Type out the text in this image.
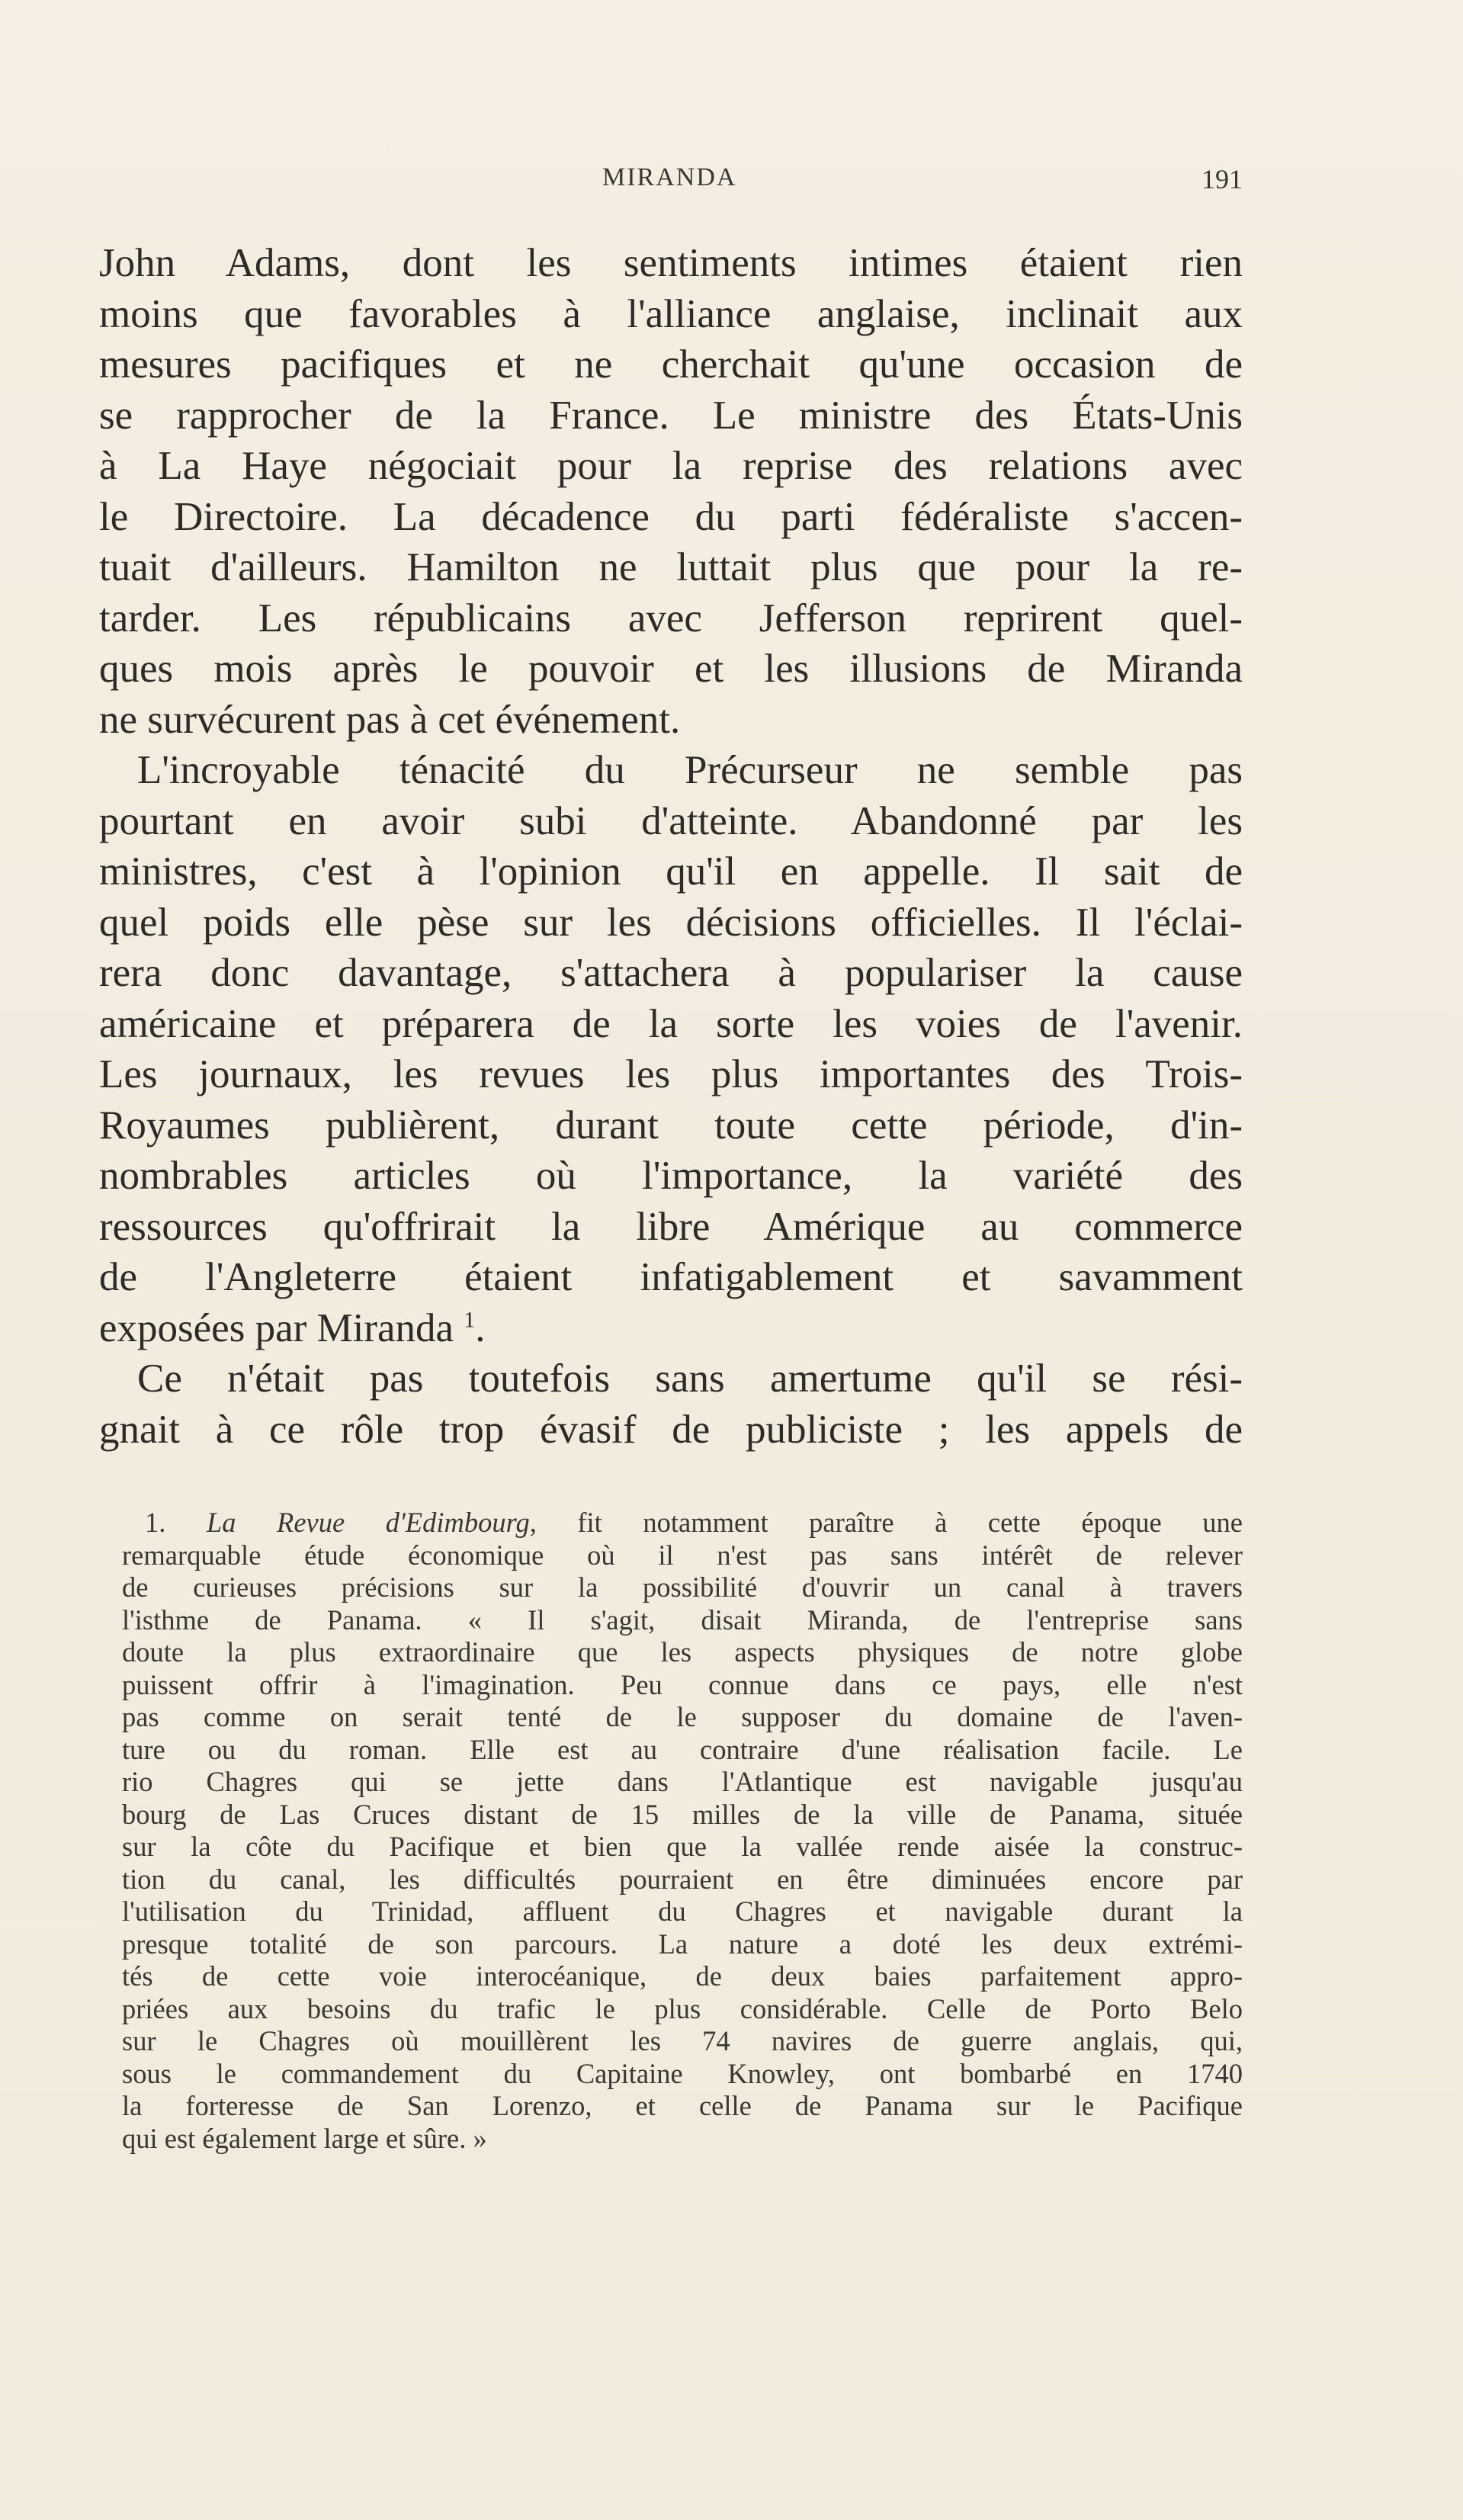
MIRANDA	191
John Adams, dont les sentiments intimes étaient rien
moins que favorables à l'alliance anglaise, inclinait aux
mesures pacifiques et ne cherchait qu'une occasion de
se rapprocher de la France. Le ministre des États-Unis
à La Haye négociait pour la reprise des relations avec
le Directoire. La décadence du parti fédéraliste s'accen-
tuait d'ailleurs. Hamilton ne luttait plus que pour la re-
tarder. Les républicains avec Jefferson reprirent quel-
ques mois après le pouvoir et les illusions de Miranda
ne survécurent pas à cet événement.
L'incroyable ténacité du Précurseur ne semble pas
pourtant en avoir subi d'atteinte. Abandonné par les
ministres, c'est à l'opinion qu'il en appelle. Il sait de
quel poids elle pèse sur les décisions officielles. Il l'éclai-
rera donc davantage, s'attachera à populariser la cause
américaine et préparera de la sorte les voies de l'avenir.
Les journaux, les revues les plus importantes des Trois-
Royaumes publièrent, durant toute cette période, d'in-
nombrables articles où l'importance, la variété des
ressources qu'offrirait la libre Amérique au commerce
de l'Angleterre étaient infatigablement et savamment
exposées par Miranda $^1$.
Ce n'était pas toutefois sans amertume qu'il se rési-
gnait à ce rôle trop évasif de publiciste ; les appels de
1. La Revue d'Edimbourg, fit notamment paraître à cette époque une
remarquable étude économique où il n'est pas sans intérêt de relever
de curieuses précisions sur la possibilité d'ouvrir un canal à travers
l'isthme de Panama. « Il s'agit, disait Miranda, de l'entreprise sans
doute la plus extraordinaire que les aspects physiques de notre globe
puissent offrir à l'imagination. Peu connue dans ce pays, elle n'est
pas comme on serait tenté de le supposer du domaine de l'aven-
ture ou du roman. Elle est au contraire d'une réalisation facile. Le
rio Chagres qui se jette dans l'Atlantique est navigable jusqu'au
bourg de Las Cruces distant de 15 milles de la ville de Panama, située
sur la côte du Pacifique et bien que la vallée rende aisée la construc-
tion du canal, les difficultés pourraient en être diminuées encore par
l'utilisation du Trinidad, affluent du Chagres et navigable durant la
presque totalité de son parcours. La nature a doté les deux extrémi-
tés de cette voie interocéanique, de deux baies parfaitement appro-
priées aux besoins du trafic le plus considérable. Celle de Porto Belo
sur le Chagres où mouillèrent les 74 navires de guerre anglais, qui,
sous le commandement du Capitaine Knowley, ont bombarbé en 1740
la forteresse de San Lorenzo, et celle de Panama sur le Pacifique
qui est également large et sûre. »
